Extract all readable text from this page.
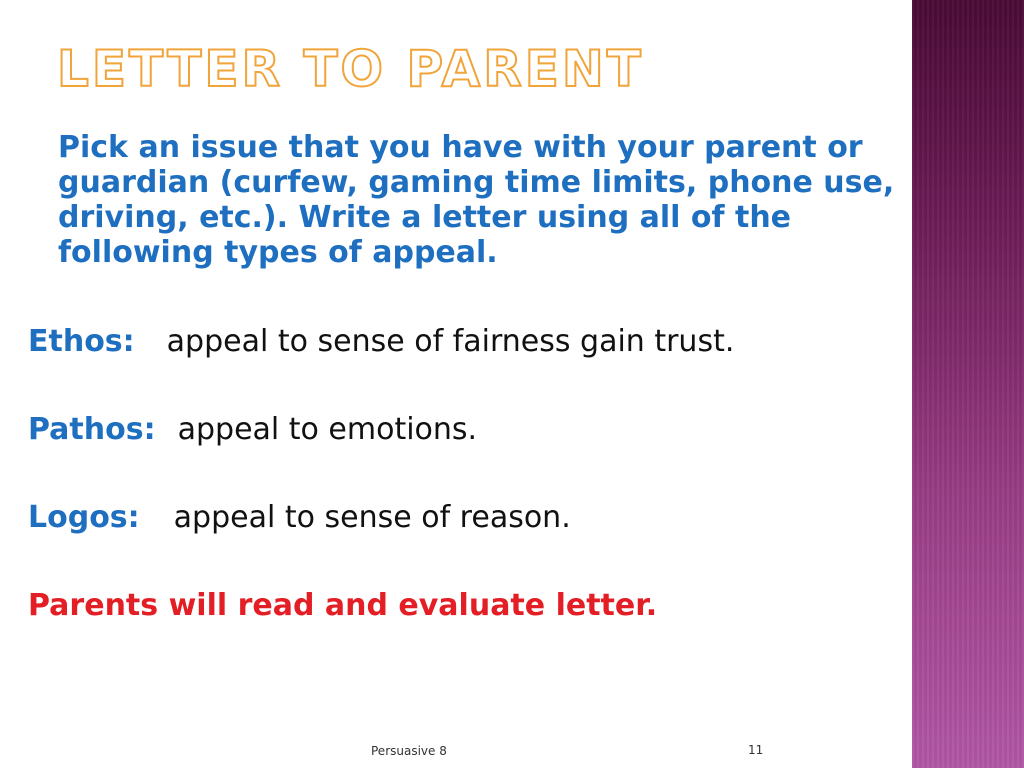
LETTER TO PARENT

Pick an issue that you have with your parent or guardian (curfew, gaming time limits, phone use, driving, etc.). Write a letter using all of the following types of appeal.

Ethos: appeal to sense of fairness gain trust.
Pathos: appeal to emotions.
Logos: appeal to sense of reason.
Parents will read and evaluate letter.
Persuasive 8	11
